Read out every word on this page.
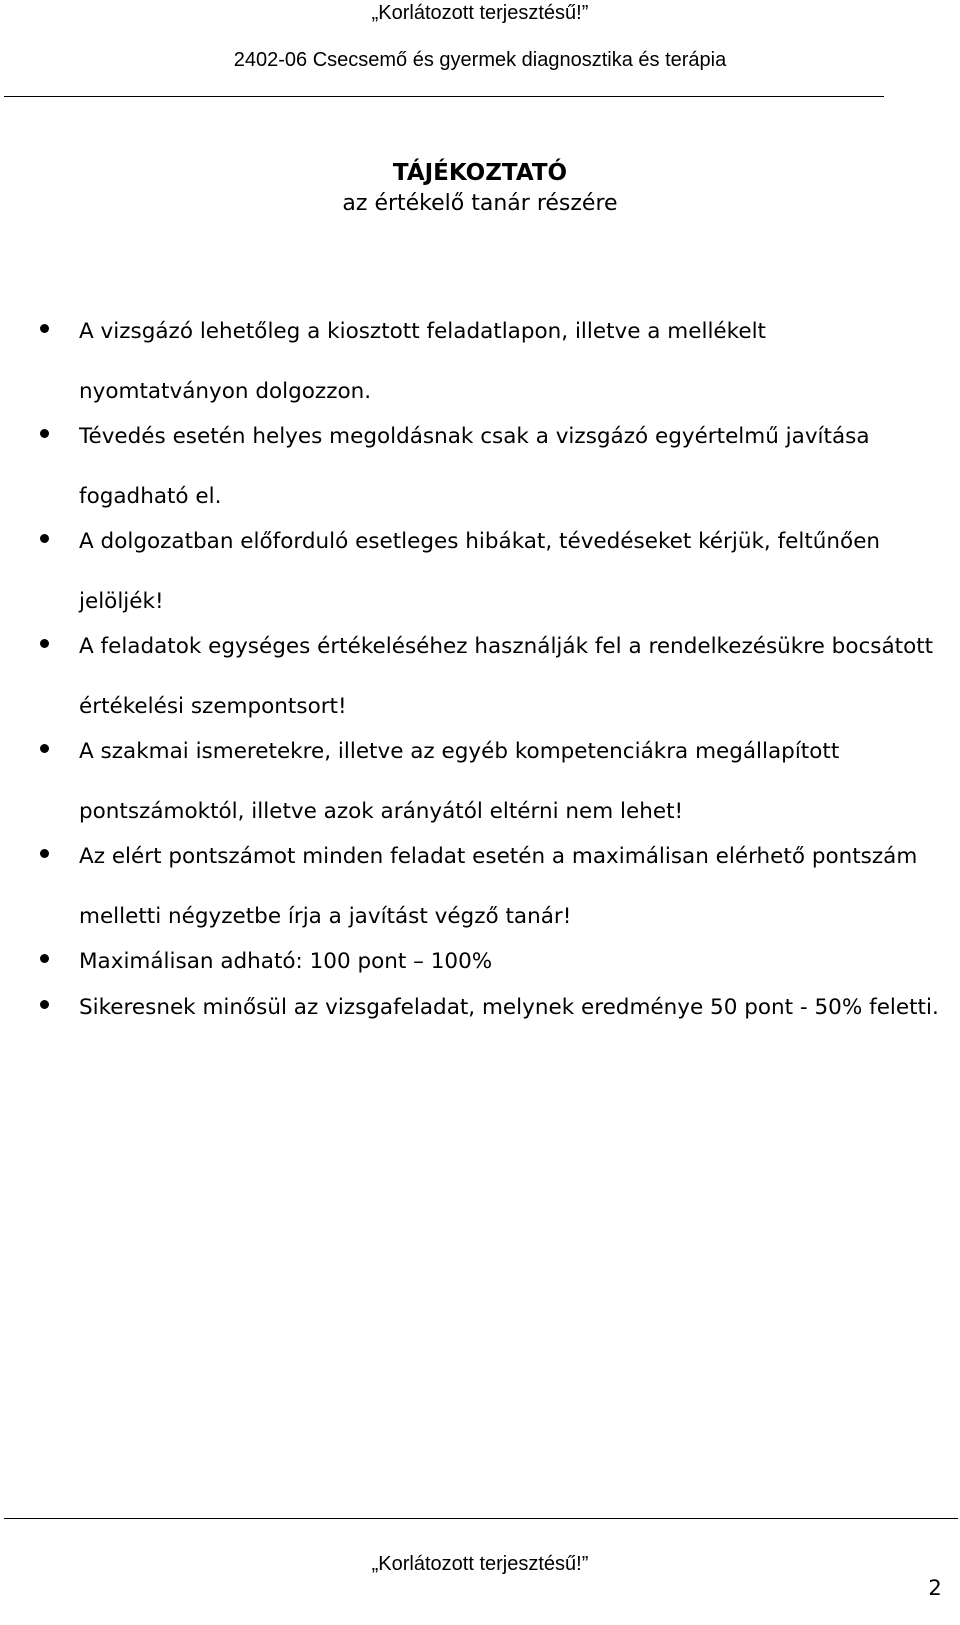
„Korlátozott terjesztésű!”
2402-06 Csecsemő és gyermek diagnosztika és terápia
TÁJÉKOZTATÓ
az értékelő tanár részére
A vizsgázó lehetőleg a kiosztott feladatlapon, illetve a mellékelt nyomtatványon dolgozzon.
Tévedés esetén helyes megoldásnak csak a vizsgázó egyértelmű javítása fogadható el.
A dolgozatban előforduló esetleges hibákat, tévedéseket kérjük, feltűnően jelöljék!
A feladatok egységes értékeléséhez használják fel a rendelkezésükre bocsátott értékelési szempontsort!
A szakmai ismeretekre, illetve az egyéb kompetenciákra megállapított pontszámoktól, illetve azok arányától eltérni nem lehet!
Az elért pontszámot minden feladat esetén a maximálisan elérhető pontszám melletti négyzetbe írja a javítást végző tanár!
Maximálisan adható: 100 pont – 100%
Sikeresnek minősül az vizsgafeladat, melynek eredménye 50 pont - 50% feletti.
„Korlátozott terjesztésű!”
2
